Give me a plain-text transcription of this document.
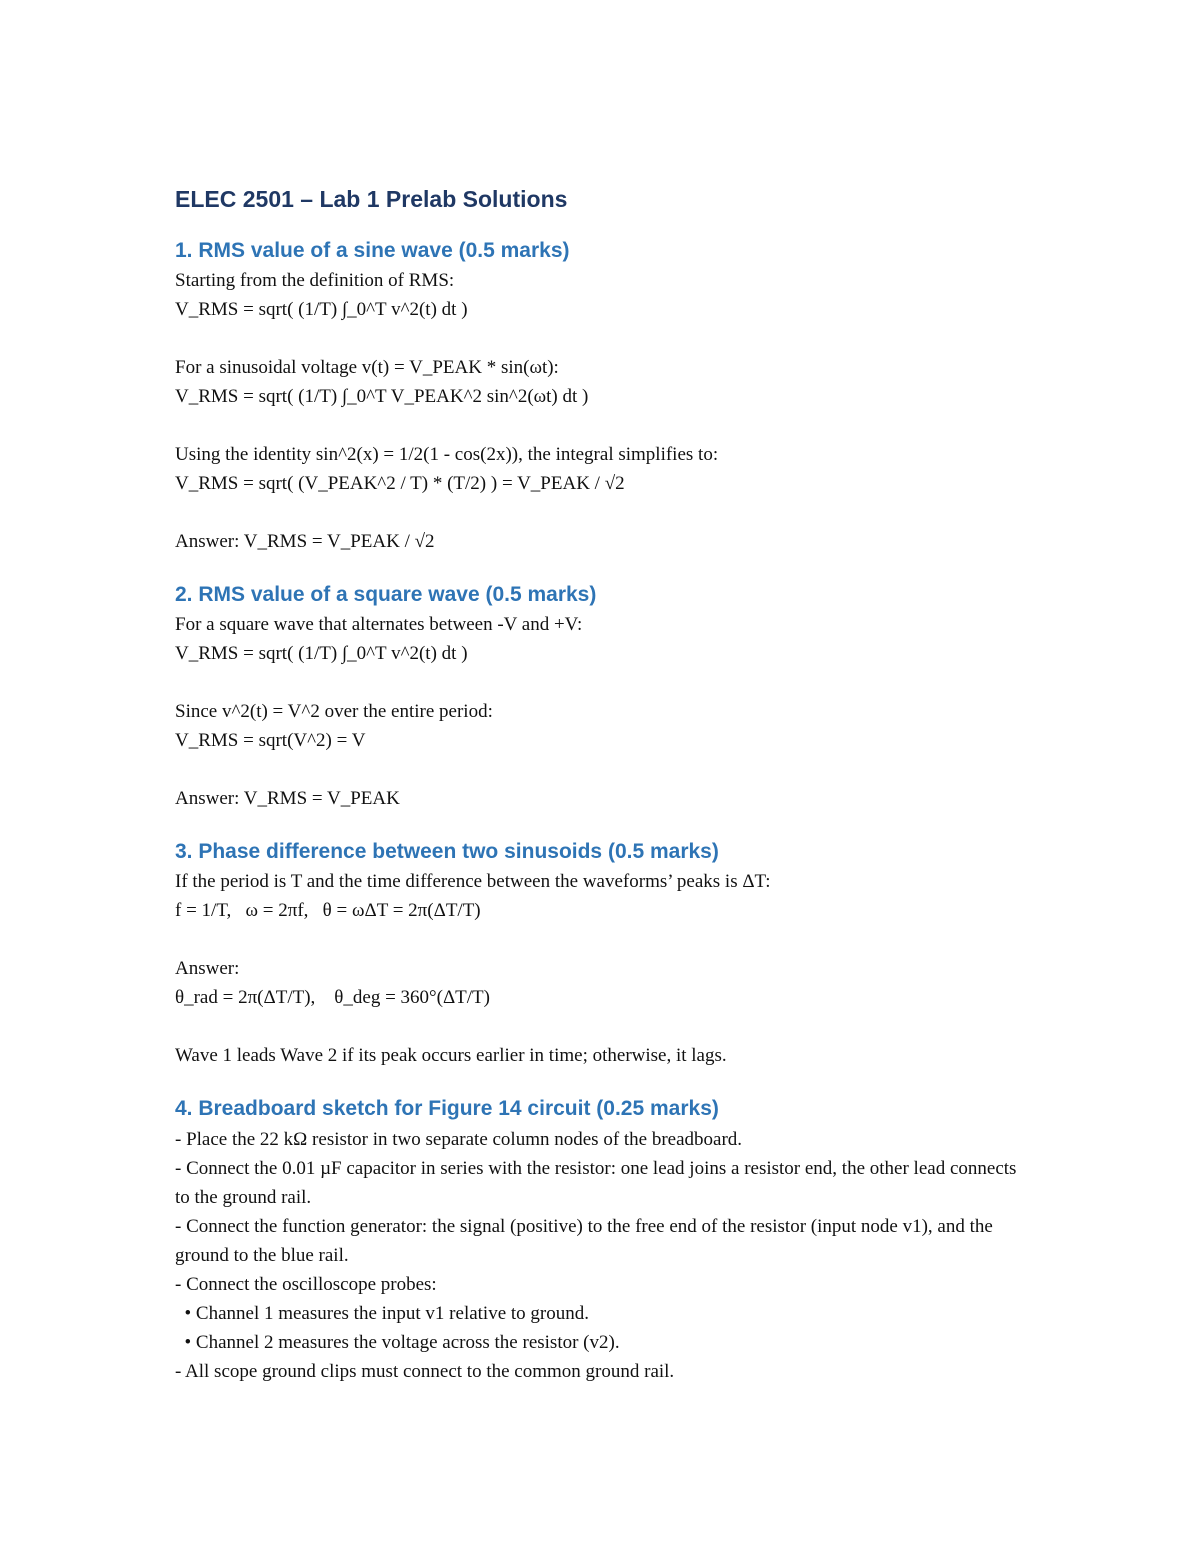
ELEC 2501 – Lab 1 Prelab Solutions
1. RMS value of a sine wave (0.5 marks)
Starting from the definition of RMS:
V_RMS = sqrt( (1/T) ∫_0^T v^2(t) dt )
For a sinusoidal voltage v(t) = V_PEAK * sin(ωt):
V_RMS = sqrt( (1/T) ∫_0^T V_PEAK^2 sin^2(ωt) dt )
Using the identity sin^2(x) = 1/2(1 - cos(2x)), the integral simplifies to:
V_RMS = sqrt( (V_PEAK^2 / T) * (T/2) ) = V_PEAK / √2
Answer: V_RMS = V_PEAK / √2
2. RMS value of a square wave (0.5 marks)
For a square wave that alternates between -V and +V:
V_RMS = sqrt( (1/T) ∫_0^T v^2(t) dt )
Since v^2(t) = V^2 over the entire period:
V_RMS = sqrt(V^2) = V
Answer: V_RMS = V_PEAK
3. Phase difference between two sinusoids (0.5 marks)
If the period is T and the time difference between the waveforms’ peaks is ΔT:
f = 1/T,   ω = 2πf,   θ = ωΔT = 2π(ΔT/T)
Answer:
θ_rad = 2π(ΔT/T),    θ_deg = 360°(ΔT/T)
Wave 1 leads Wave 2 if its peak occurs earlier in time; otherwise, it lags.
4. Breadboard sketch for Figure 14 circuit (0.25 marks)
- Place the 22 kΩ resistor in two separate column nodes of the breadboard.
- Connect the 0.01 µF capacitor in series with the resistor: one lead joins a resistor end, the other lead connects to the ground rail.
- Connect the function generator: the signal (positive) to the free end of the resistor (input node v1), and the ground to the blue rail.
- Connect the oscilloscope probes:
• Channel 1 measures the input v1 relative to ground.
• Channel 2 measures the voltage across the resistor (v2).
- All scope ground clips must connect to the common ground rail.
